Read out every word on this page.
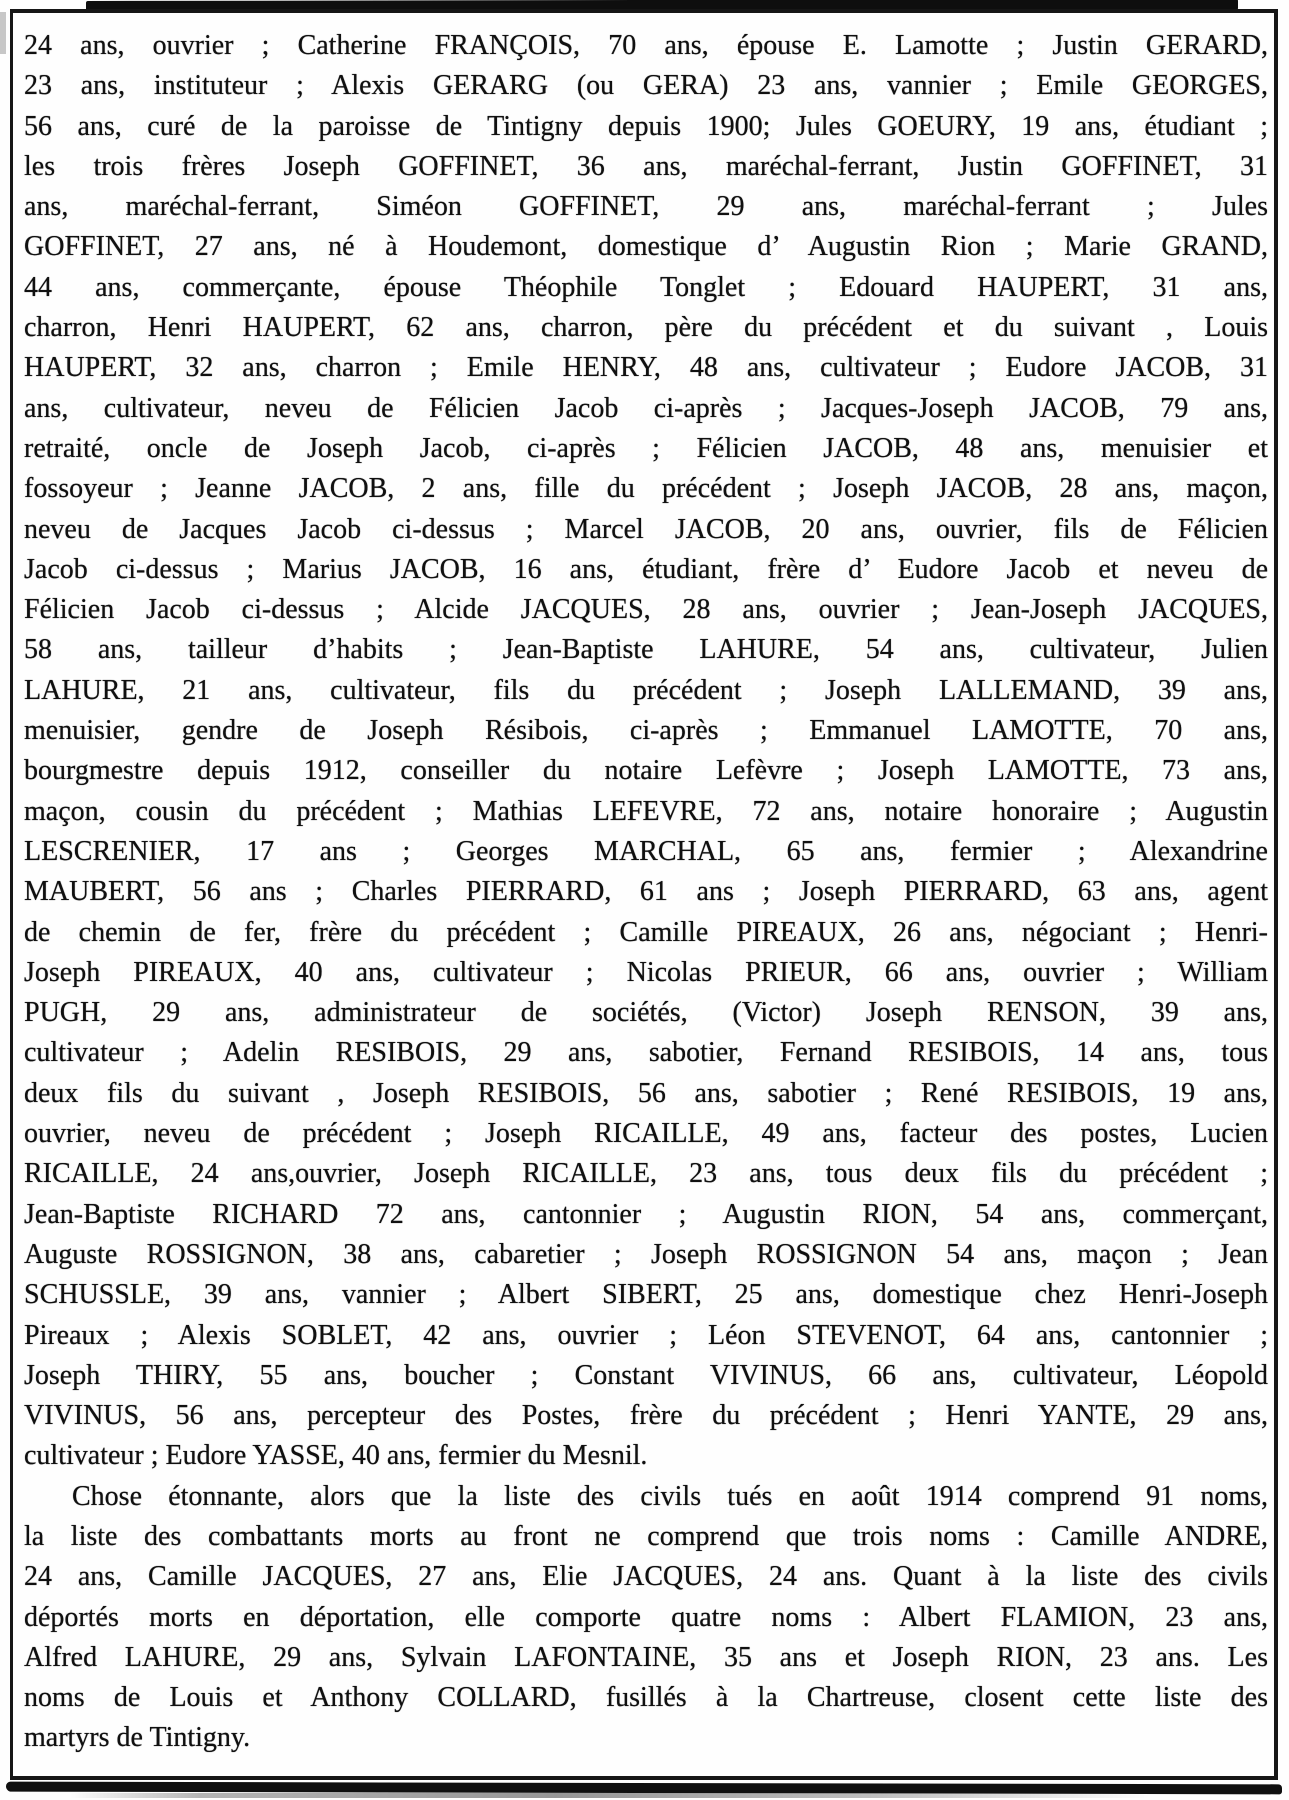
24 ans, ouvrier ; Catherine FRANÇOIS, 70 ans, épouse E. Lamotte ; Justin GERARD,
23 ans, instituteur ; Alexis GERARG (ou GERA) 23 ans, vannier ; Emile GEORGES,
56 ans, curé de la paroisse de Tintigny depuis 1900; Jules GOEURY, 19 ans, étudiant ;
les trois frères Joseph GOFFINET, 36 ans, maréchal-ferrant, Justin GOFFINET, 31
ans, maréchal-ferrant, Siméon GOFFINET, 29 ans, maréchal-ferrant ; Jules
GOFFINET, 27 ans, né à Houdemont, domestique d’ Augustin Rion ; Marie GRAND,
44 ans, commerçante, épouse Théophile Tonglet ; Edouard HAUPERT, 31 ans,
charron, Henri HAUPERT, 62 ans, charron, père du précédent et du suivant , Louis
HAUPERT, 32 ans, charron ; Emile HENRY, 48 ans, cultivateur ; Eudore JACOB, 31
ans, cultivateur, neveu de Félicien Jacob ci-après ; Jacques-Joseph JACOB, 79 ans,
retraité, oncle de Joseph Jacob, ci-après ; Félicien JACOB, 48 ans, menuisier et
fossoyeur ; Jeanne JACOB, 2 ans, fille du précédent ; Joseph JACOB, 28 ans, maçon,
neveu de Jacques Jacob ci-dessus ; Marcel JACOB, 20 ans, ouvrier, fils de Félicien
Jacob ci-dessus ; Marius JACOB, 16 ans, étudiant, frère d’ Eudore Jacob et neveu de
Félicien Jacob ci-dessus ; Alcide JACQUES, 28 ans, ouvrier ; Jean-Joseph JACQUES,
58 ans, tailleur d’habits ; Jean-Baptiste LAHURE, 54 ans, cultivateur, Julien
LAHURE, 21 ans, cultivateur, fils du précédent ; Joseph LALLEMAND, 39 ans,
menuisier, gendre de Joseph Résibois, ci-après ; Emmanuel LAMOTTE, 70 ans,
bourgmestre depuis 1912, conseiller du notaire Lefèvre ; Joseph LAMOTTE, 73 ans,
maçon, cousin du précédent ; Mathias LEFEVRE, 72 ans, notaire honoraire ; Augustin
LESCRENIER, 17 ans ; Georges MARCHAL, 65 ans, fermier ; Alexandrine
MAUBERT, 56 ans ; Charles PIERRARD, 61 ans ; Joseph PIERRARD, 63 ans, agent
de chemin de fer, frère du précédent ; Camille PIREAUX, 26 ans, négociant ; Henri-
Joseph PIREAUX, 40 ans, cultivateur ; Nicolas PRIEUR, 66 ans, ouvrier ; William
PUGH, 29 ans, administrateur de sociétés, (Victor) Joseph RENSON, 39 ans,
cultivateur ; Adelin RESIBOIS, 29 ans, sabotier, Fernand RESIBOIS, 14 ans, tous
deux fils du suivant , Joseph RESIBOIS, 56 ans, sabotier ; René RESIBOIS, 19 ans,
ouvrier, neveu de précédent ; Joseph RICAILLE, 49 ans, facteur des postes, Lucien
RICAILLE, 24 ans,ouvrier, Joseph RICAILLE, 23 ans, tous deux fils du précédent ;
Jean-Baptiste RICHARD 72 ans, cantonnier ; Augustin RION, 54 ans, commerçant,
Auguste ROSSIGNON, 38 ans, cabaretier ; Joseph ROSSIGNON 54 ans, maçon ; Jean
SCHUSSLE, 39 ans, vannier ; Albert SIBERT, 25 ans, domestique chez Henri-Joseph
Pireaux ; Alexis SOBLET, 42 ans, ouvrier ; Léon STEVENOT, 64 ans, cantonnier ;
Joseph THIRY, 55 ans, boucher ; Constant VIVINUS, 66 ans, cultivateur, Léopold
VIVINUS, 56 ans, percepteur des Postes, frère du précédent ; Henri YANTE, 29 ans,
cultivateur ; Eudore YASSE, 40 ans, fermier du Mesnil.
Chose étonnante, alors que la liste des civils tués en août 1914 comprend 91 noms,
la liste des combattants morts au front ne comprend que trois noms : Camille ANDRE,
24 ans, Camille JACQUES, 27 ans, Elie JACQUES, 24 ans. Quant à la liste des civils
déportés morts en déportation, elle comporte quatre noms : Albert FLAMION, 23 ans,
Alfred LAHURE, 29 ans, Sylvain LAFONTAINE, 35 ans et Joseph RION, 23 ans. Les
noms de Louis et Anthony COLLARD, fusillés à la Chartreuse, closent cette liste des
martyrs de Tintigny.
